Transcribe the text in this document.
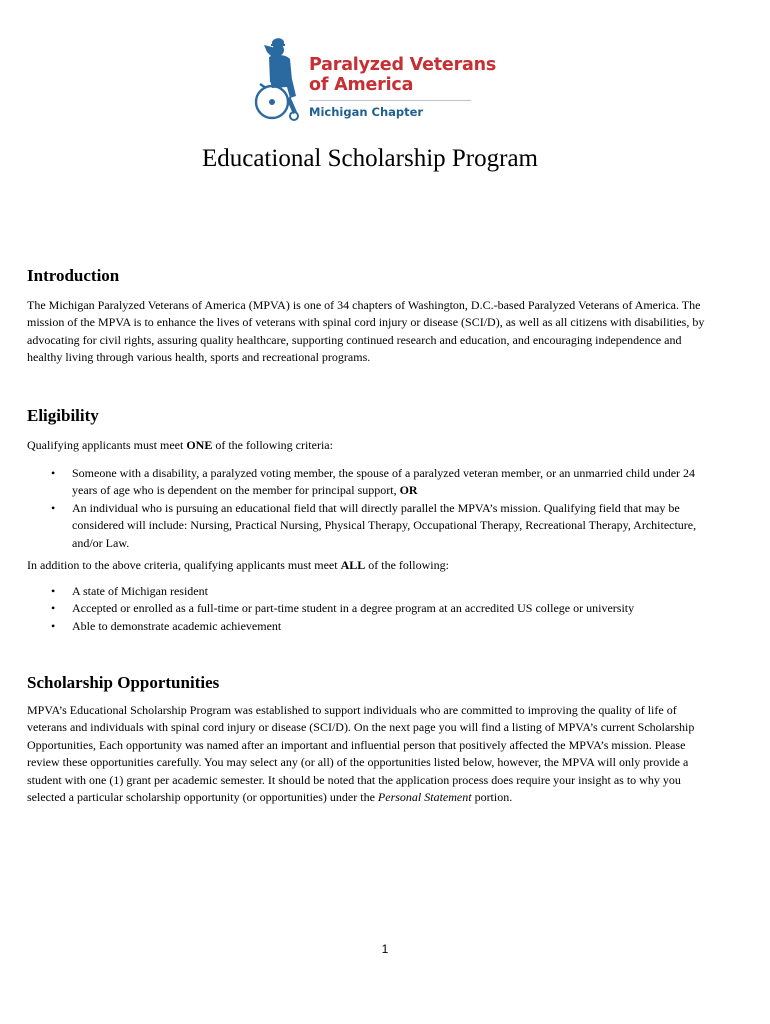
Paralyzed Veterans
of America
Michigan Chapter
Educational Scholarship Program
Introduction

The Michigan Paralyzed Veterans of America (MPVA) is one of 34 chapters of Washington, D.C.-based Paralyzed Veterans of America. The mission of the MPVA is to enhance the lives of veterans with spinal cord injury or disease (SCI/D), as well as all citizens with disabilities, by advocating for civil rights, assuring quality healthcare, supporting continued research and education, and encouraging independence and healthy living through various health, sports and recreational programs.

Eligibility

Qualifying applicants must meet ONE of the following criteria:

• Someone with a disability, a paralyzed voting member, the spouse of a paralyzed veteran member, or an unmarried child under 24 years of age who is dependent on the member for principal support, OR
• An individual who is pursuing an educational field that will directly parallel the MPVA’s mission. Qualifying field that may be considered will include: Nursing, Practical Nursing, Physical Therapy, Occupational Therapy, Recreational Therapy, Architecture, and/or Law.

In addition to the above criteria, qualifying applicants must meet ALL of the following:

• A state of Michigan resident
• Accepted or enrolled as a full-time or part-time student in a degree program at an accredited US college or university
• Able to demonstrate academic achievement
Scholarship Opportunities

MPVA’s Educational Scholarship Program was established to support individuals who are committed to improving the quality of life of veterans and individuals with spinal cord injury or disease (SCI/D). On the next page you will find a listing of MPVA’s current Scholarship Opportunities, Each opportunity was named after an important and influential person that positively affected the MPVA’s mission. Please review these opportunities carefully. You may select any (or all) of the opportunities listed below, however, the MPVA will only provide a student with one (1) grant per academic semester. It should be noted that the application process does require your insight as to why you selected a particular scholarship opportunity (or opportunities) under the Personal Statement portion.

1
